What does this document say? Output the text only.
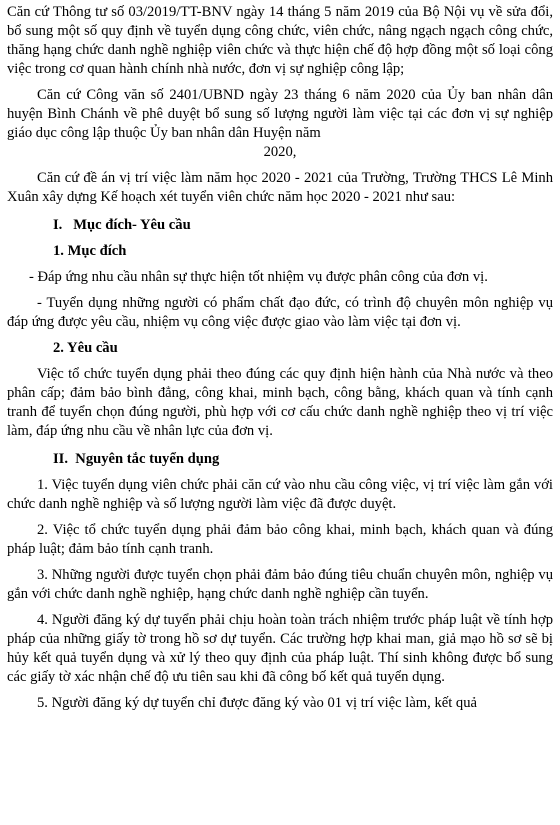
Căn cứ Thông tư số 03/2019/TT-BNV ngày 14 tháng 5 năm 2019 của Bộ Nội vụ về sửa đổi, bổ sung một số quy định về tuyển dụng công chức, viên chức, nâng ngạch ngạch công chức, thăng hạng chức danh nghề nghiệp viên chức và thực hiện chế độ hợp đồng một số loại công việc trong cơ quan hành chính nhà nước, đơn vị sự nghiệp công lập;

Căn cứ Công văn số 2401/UBND ngày 23 tháng 6 năm 2020 của Ủy ban nhân dân huyện Bình Chánh về phê duyệt bổ sung số lượng người làm việc tại các đơn vị sự nghiệp giáo dục công lập thuộc Ủy ban nhân dân Huyện năm

2020,

Căn cứ đề án vị trí việc làm năm học 2020 - 2021 của Trường, Trường THCS Lê Minh Xuân xây dựng Kế hoạch xét tuyển viên chức năm học 2020 - 2021 như sau:

I.   Mục đích- Yêu cầu

1. Mục đích

- Đáp ứng nhu cầu nhân sự thực hiện tốt nhiệm vụ được phân công của đơn vị.

- Tuyển dụng những người có phẩm chất đạo đức, có trình độ chuyên môn nghiệp vụ đáp ứng được yêu cầu, nhiệm vụ công việc được giao vào làm việc tại đơn vị.

2. Yêu cầu

Việc tổ chức tuyển dụng phải theo đúng các quy định hiện hành của Nhà nước và theo phân cấp; đảm bảo bình đẳng, công khai, minh bạch, công bằng, khách quan và tính cạnh tranh để tuyển chọn đúng người, phù hợp với cơ cấu chức danh nghề nghiệp theo vị trí việc làm, đáp ứng nhu cầu về nhân lực của đơn vị.

II.  Nguyên tắc tuyển dụng

1. Việc tuyển dụng viên chức phải căn cứ vào nhu cầu công việc, vị trí việc làm gắn với chức danh nghề nghiệp và số lượng người làm việc đã được duyệt.

2. Việc tổ chức tuyển dụng phải đảm bảo công khai, minh bạch, khách quan và đúng pháp luật; đảm bảo tính cạnh tranh.

3. Những người được tuyển chọn phải đảm bảo đúng tiêu chuẩn chuyên môn, nghiệp vụ gắn với chức danh nghề nghiệp, hạng chức danh nghề nghiệp cần tuyển.

4. Người đăng ký dự tuyển phải chịu hoàn toàn trách nhiệm trước pháp luật về tính hợp pháp của những giấy tờ trong hồ sơ dự tuyển. Các trường hợp khai man, giả mạo hồ sơ sẽ bị hủy kết quả tuyển dụng và xử lý theo quy định của pháp luật. Thí sinh không được bổ sung các giấy tờ xác nhận chế độ ưu tiên sau khi đã công bố kết quả tuyển dụng.

5. Người đăng ký dự tuyển chỉ được đăng ký vào 01 vị trí việc làm, kết quả
